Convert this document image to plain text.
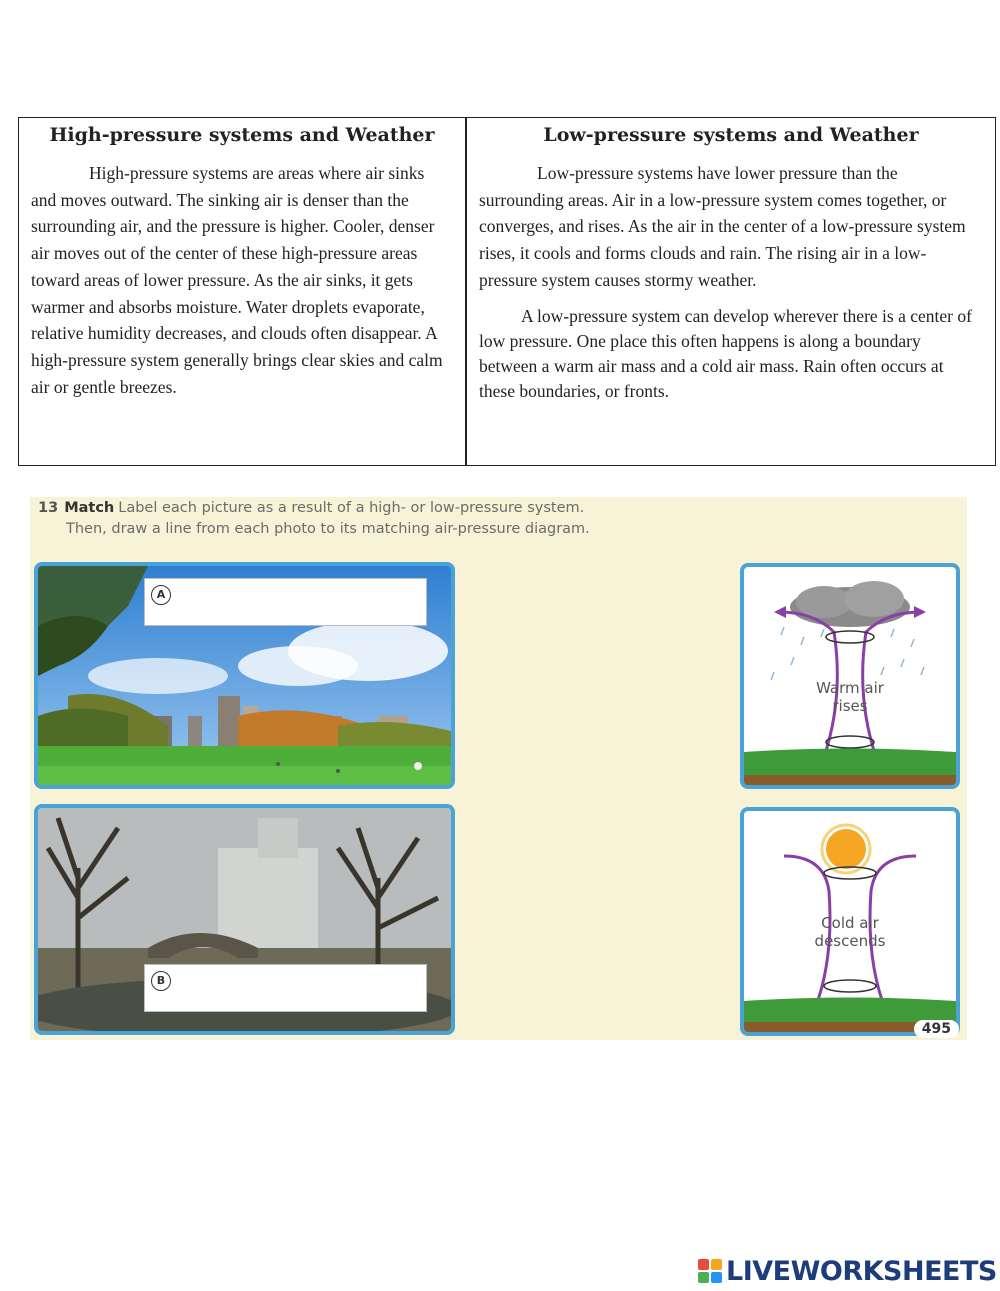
High-pressure systems and Weather

High-pressure systems are areas where air sinks and moves outward. The sinking air is denser than the surrounding air, and the pressure is higher. Cooler, denser air moves out of the center of these high-pressure areas toward areas of lower pressure. As the air sinks, it gets warmer and absorbs moisture. Water droplets evaporate, relative humidity decreases, and clouds often disappear. A high-pressure system generally brings clear skies and calm air or gentle breezes.

Low-pressure systems and Weather

Low-pressure systems have lower pressure than the surrounding areas. Air in a low-pressure system comes together, or converges, and rises. As the air in the center of a low-pressure system rises, it cools and forms clouds and rain. The rising air in a low-pressure system causes stormy weather.

A low-pressure system can develop wherever there is a center of low pressure. One place this often happens is along a boundary between a warm air mass and a cold air mass. Rain often occurs at these boundaries, or fronts.

13 Match Label each picture as a result of a high- or low-pressure system.
Then, draw a line from each photo to its matching air-pressure diagram.
A
B
Warm air
rises
Cold air
descends
495
LIVEWORKSHEETS
